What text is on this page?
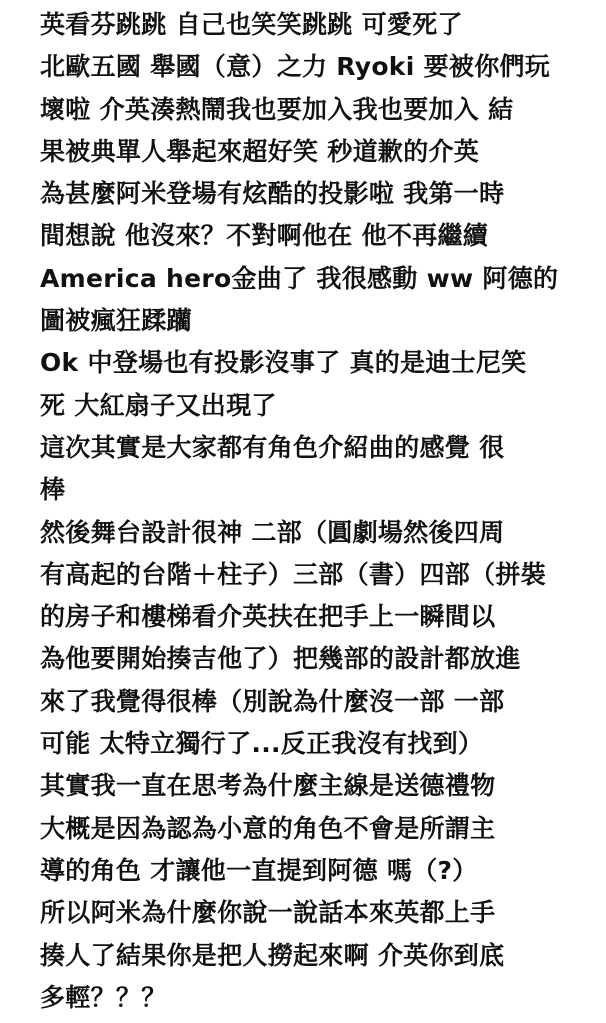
英看芬跳跳 自己也笑笑跳跳 可愛死了

北歐五國 舉國（意）之力 Ryoki 要被你們玩
壞啦 介英湊熱鬧我也要加入我也要加入 結
果被典單人舉起來超好笑 秒道歉的介英

為甚麼阿米登場有炫酷的投影啦 我第一時
間想說 他沒來？不對啊他在 他不再繼續
America hero金曲了 我很感動 ww 阿德的
圖被瘋狂蹂躪

Ok 中登場也有投影沒事了 真的是迪士尼笑
死 大紅扇子又出現了

這次其實是大家都有角色介紹曲的感覺 很
棒

然後舞台設計很神 二部（圓劇場然後四周
有高起的台階＋柱子）三部（書）四部（拼裝
的房子和樓梯看介英扶在把手上一瞬間以
為他要開始揍吉他了）把幾部的設計都放進
來了我覺得很棒（別說為什麼沒一部 一部
可能 太特立獨行了...反正我沒有找到）

其實我一直在思考為什麼主線是送德禮物
大概是因為認為小意的角色不會是所謂主
導的角色 才讓他一直提到阿德 嗎（?）

所以阿米為什麼你說一說話本來英都上手
揍人了結果你是把人撈起來啊 介英你到底
多輕？？？
